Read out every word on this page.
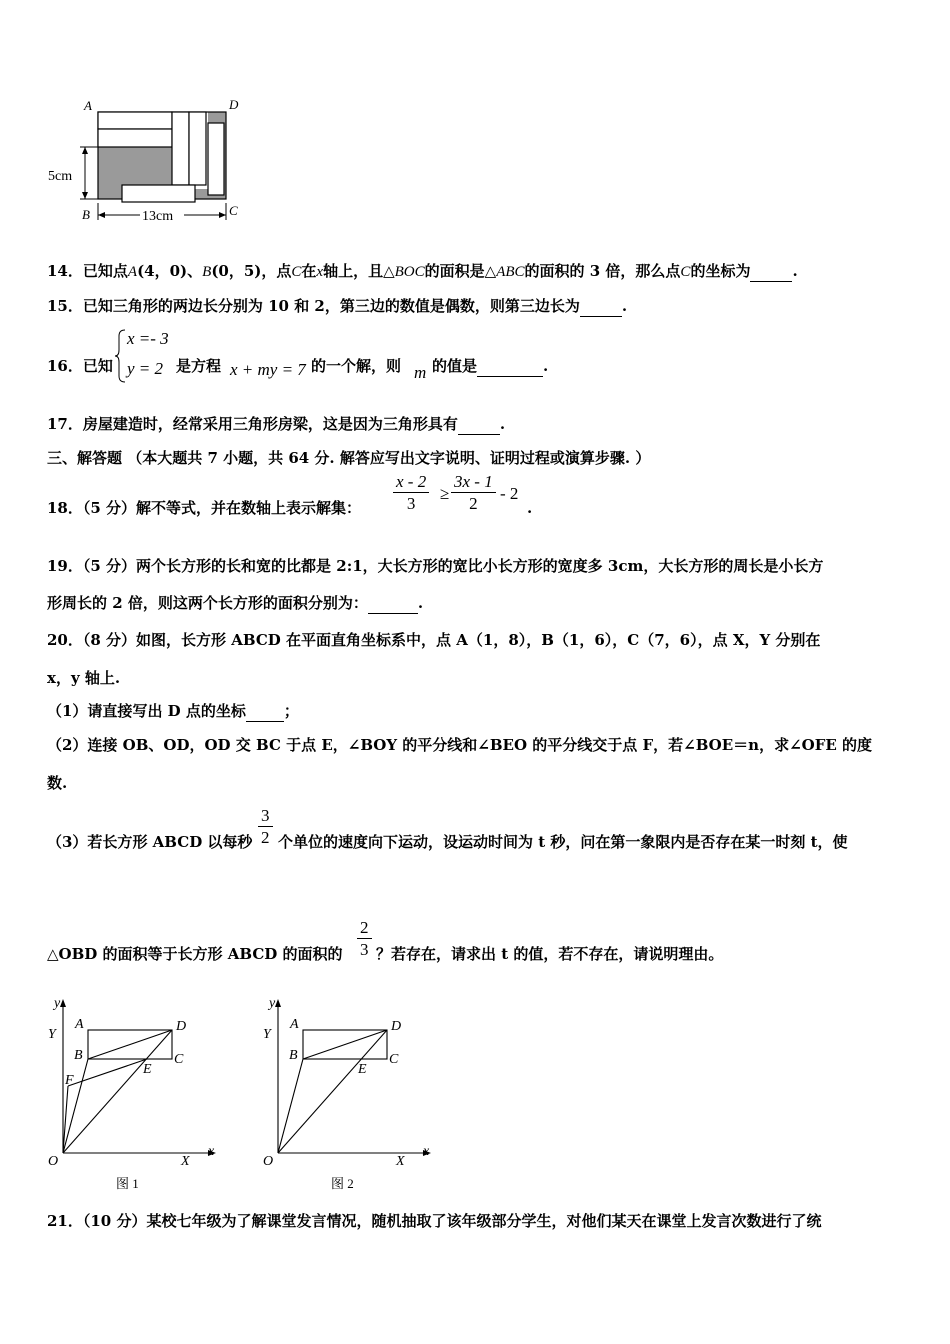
A	D
B	C
5cm
13cm
14．已知点A(4，0)、B(0，5)，点C在x轴上，且△BOC的面积是△ABC的面积的 3 倍，那么点C的坐标为	.
15．已知三角形的两边长分别为 10 和 2，第三边的数值是偶数，则第三边长为	.
16．已知
x =- 3
y = 2 是方程 x + my = 7 的一个解，则 m 的值是	.
17．房屋建造时，经常采用三角形房梁，这是因为三角形具有	.
三、解答题 （本大题共 7 小题，共 64 分. 解答应写出文字说明、证明过程或演算步骤. ）
18．（5 分）解不等式，并在数轴上表示解集： $\frac{x - 2}{3} \ge \frac{3x - 1}{2} - 2$
.
19．（5 分）两个长方形的长和宽的比都是 2:1，大长方形的宽比小长方形的宽度多 3cm，大长方形的周长是小长方
形周长的 2 倍，则这两个长方形的面积分别为：	.
20．（8 分）如图，长方形 ABCD 在平面直角坐标系中，点 A（1，8），B（1，6），C（7，6），点 X，Y 分别在
x，y 轴上.
（1）请直接写出 D 点的坐标	；
（2）连接 OB、OD，OD 交 BC 于点 E，∠BOY 的平分线和∠BEO 的平分线交于点 F，若∠BOE＝n，求∠OFE 的度
数.
（3）若长方形 ABCD 以每秒 $\frac{3}{2}$ 个单位的速度向下运动，设运动时间为 t 秒，问在第一象限内是否存在某一时刻 t，使
△OBD 的面积等于长方形 ABCD 的面积的 $\frac{2}{3}$ ？若存在，请求出 t 的值，若不存在，请说明理由。
y
Y
A	D
B	C
E
F
O	X
x
图 1
y
Y
A	D
B	C
E
O	X
x
图 2
21．（10 分）某校七年级为了解课堂发言情况，随机抽取了该年级部分学生，对他们某天在课堂上发言次数进行了统
